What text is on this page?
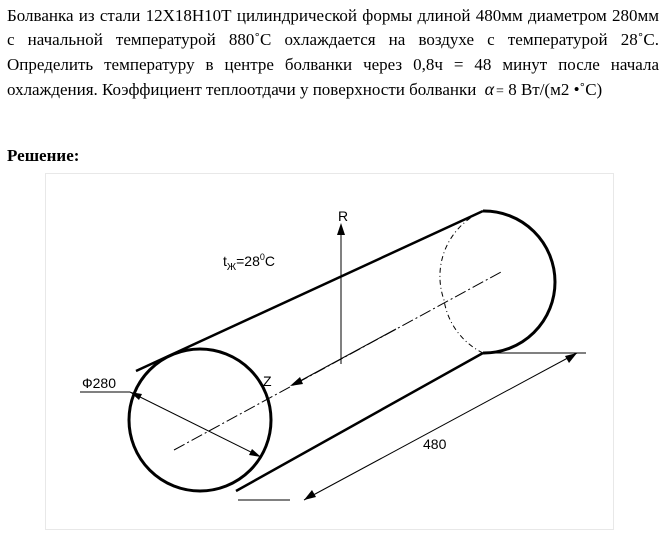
Болванка из стали 12Х18Н10Т цилиндрической формы длиной 480мм диаметром 280мм с начальной температурой 880˚С охлаждается на воздухе с температурой 28˚С. Определить температуру в центре болванки через 0,8ч = 48 минут после начала охлаждения. Коэффициент теплоотдачи у поверхности болванки α = 8 Вт/(м2 •˚С)

Решение:

R
Z
$t_Ж=28^0C$
Ф280
480
